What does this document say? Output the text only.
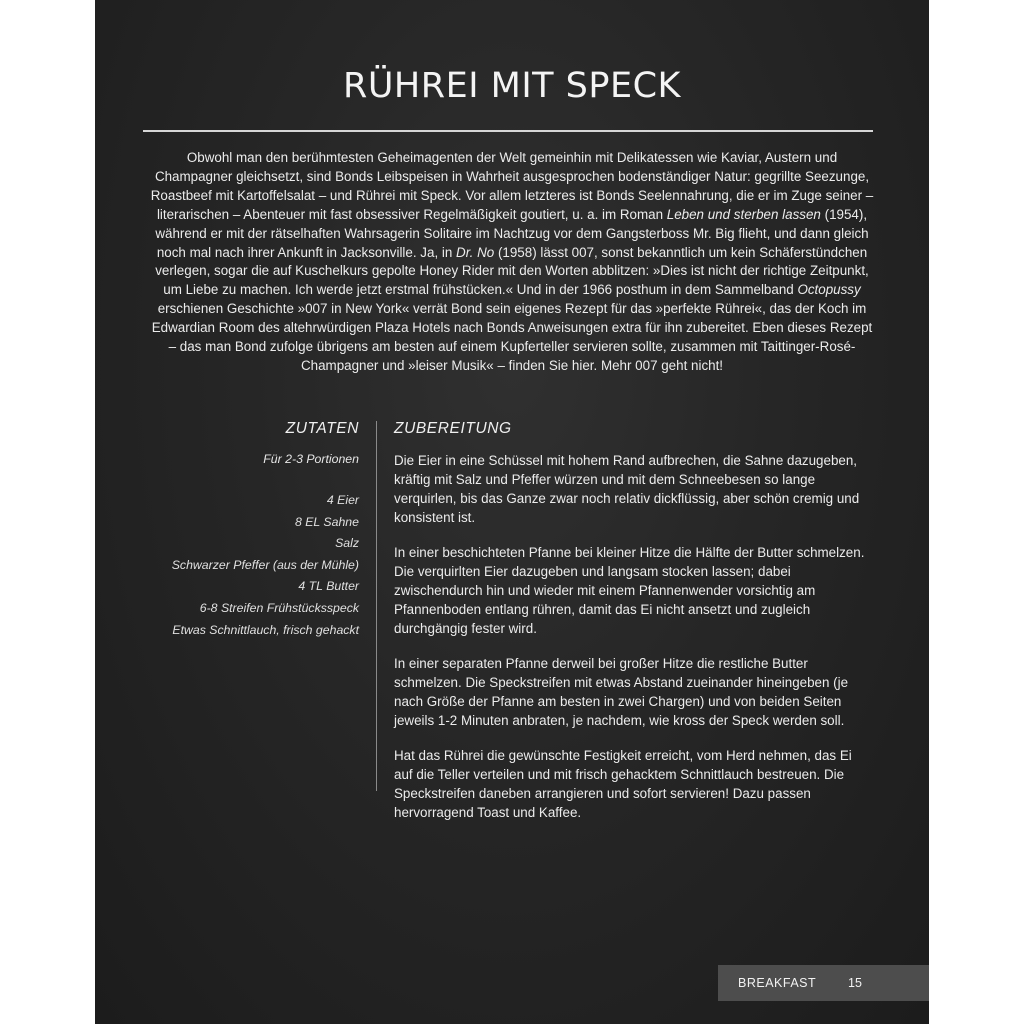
RÜHREI MIT SPECK

Obwohl man den berühmtesten Geheimagenten der Welt gemeinhin mit Delikatessen wie Kaviar, Austern und Champagner gleichsetzt, sind Bonds Leibspeisen in Wahrheit ausgesprochen bodenständiger Natur: gegrillte Seezunge, Roastbeef mit Kartoffelsalat – und Rührei mit Speck. Vor allem letzteres ist Bonds Seelennahrung, die er im Zuge seiner – literarischen – Abenteuer mit fast obsessiver Regelmäßigkeit goutiert, u. a. im Roman Leben und sterben lassen (1954), während er mit der rätselhaften Wahrsagerin Solitaire im Nachtzug vor dem Gangsterboss Mr. Big flieht, und dann gleich noch mal nach ihrer Ankunft in Jacksonville. Ja, in Dr. No (1958) lässt 007, sonst bekanntlich um kein Schäferstündchen verlegen, sogar die auf Kuschelkurs gepolte Honey Rider mit den Worten abblitzen: »Dies ist nicht der richtige Zeitpunkt, um Liebe zu machen. Ich werde jetzt erstmal frühstücken.« Und in der 1966 posthum in dem Sammelband Octopussy erschienen Geschichte »007 in New York« verrät Bond sein eigenes Rezept für das »perfekte Rührei«, das der Koch im Edwardian Room des altehrwürdigen Plaza Hotels nach Bonds Anweisungen extra für ihn zubereitet. Eben dieses Rezept – das man Bond zufolge übrigens am besten auf einem Kupferteller servieren sollte, zusammen mit Taittinger-Rosé-Champagner und »leiser Musik« – finden Sie hier. Mehr 007 geht nicht!

ZUTATEN
Für 2-3 Portionen
4 Eier
8 EL Sahne
Salz
Schwarzer Pfeffer (aus der Mühle)
4 TL Butter
6-8 Streifen Frühstücksspeck
Etwas Schnittlauch, frisch gehackt
ZUBEREITUNG

Die Eier in eine Schüssel mit hohem Rand aufbrechen, die Sahne dazugeben, kräftig mit Salz und Pfeffer würzen und mit dem Schneebesen so lange verquirlen, bis das Ganze zwar noch relativ dickflüssig, aber schön cremig und konsistent ist.

In einer beschichteten Pfanne bei kleiner Hitze die Hälfte der Butter schmelzen. Die verquirlten Eier dazugeben und langsam stocken lassen; dabei zwischendurch hin und wieder mit einem Pfannenwender vorsichtig am Pfannenboden entlang rühren, damit das Ei nicht ansetzt und zugleich durchgängig fester wird.

In einer separaten Pfanne derweil bei großer Hitze die restliche Butter schmelzen. Die Speckstreifen mit etwas Abstand zueinander hineingeben (je nach Größe der Pfanne am besten in zwei Chargen) und von beiden Seiten jeweils 1-2 Minuten anbraten, je nachdem, wie kross der Speck werden soll.

Hat das Rührei die gewünschte Festigkeit erreicht, vom Herd nehmen, das Ei auf die Teller verteilen und mit frisch gehacktem Schnittlauch bestreuen. Die Speckstreifen daneben arrangieren und sofort servieren! Dazu passen hervorragend Toast und Kaffee.

BREAKFAST	15
